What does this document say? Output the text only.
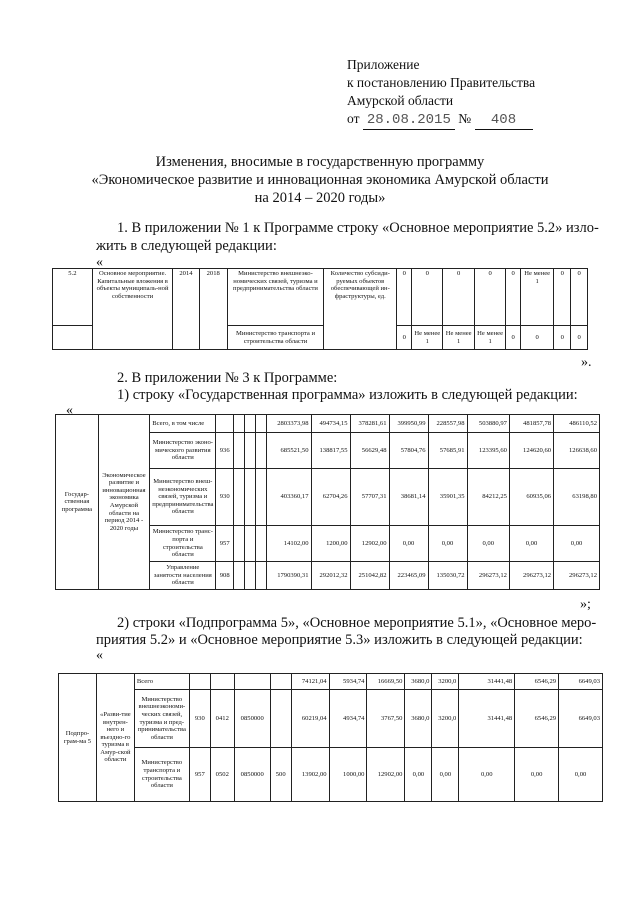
Приложение
к постановлению Правительства
Амурской области
от 28.08.2015 № 408
Изменения, вносимые в государственную программу
«Экономическое развитие и инновационная экономика Амурской области
на 2014 – 2020 годы»
1. В приложении № 1 к Программе строку «Основное мероприятие 5.2» изло-
жить в следующей редакции:
«
5.2	Основное мероприятие. Капитальные вложения в объекты муниципаль-ной собственности	2014	2018	Министерство внешнеэко-номических связей, туризма и предпринимательства области	Количество субсиди-руемых объектов обеспечивающей ин-фраструктуры, ед.	0	0	0	0	0	Не менее 1	0	0
				Министерство транспорта и строительства области		0	Не менее 1	Не менее 1	Не менее 1	0	0	0	0
».
2. В приложении № 3 к Программе:
1) строку «Государственная программа» изложить в следующей редакции:
«
Государ-ственная программа	Экономическое развитие и инновационная экономика Амурской области на период 2014 - 2020 годы	Всего, в том числе					2803373,98	494734,15	378281,61	399950,99	228557,98	503880,97	481857,78	486110,52
		Министерство эконо-мического развития области	936				685521,50	138817,55	56629,48	57804,76	57685,91	123395,60	124620,60	126638,60
		Министерство внеш-неэкономических связей, туризма и предпринимательства области	930				403360,17	62704,26	57707,31	38681,14	35901,35	84212,25	60935,06	63198,80
		Министерство транс-порта и строительства области	957				14102,00	1200,00	12902,00	0,00	0,00	0,00	0,00	0,00
		Управление занятости населения области	908				1790390,31	292012,32	251042,82	223465,09	135030,72	296273,12	296273,12	296273,12
»;
2) строки «Подпрограмма 5», «Основное мероприятие 5.1», «Основное меро-
приятия 5.2» и «Основное мероприятие 5.3» изложить в следующей редакции:
«
Подпро-грам-ма 5	«Разви-тие внутрен-него и въездно-го туризма в Амур-ской области	Всего					74121,04	5934,74	16669,50	3680,0	3200,0	31441,48	6546,29	6649,03
		Министерство внешнеэкономи-ческих связей, туризма и пред-принимательства области	930	0412	0850000		60219,04	4934,74	3767,50	3680,0	3200,0	31441,48	6546,29	6649,03
		Министерство транспорта и строительства области	957	0502	0850000	500	13902,00	1000,00	12902,00	0,00	0,00	0,00	0,00	0,00
